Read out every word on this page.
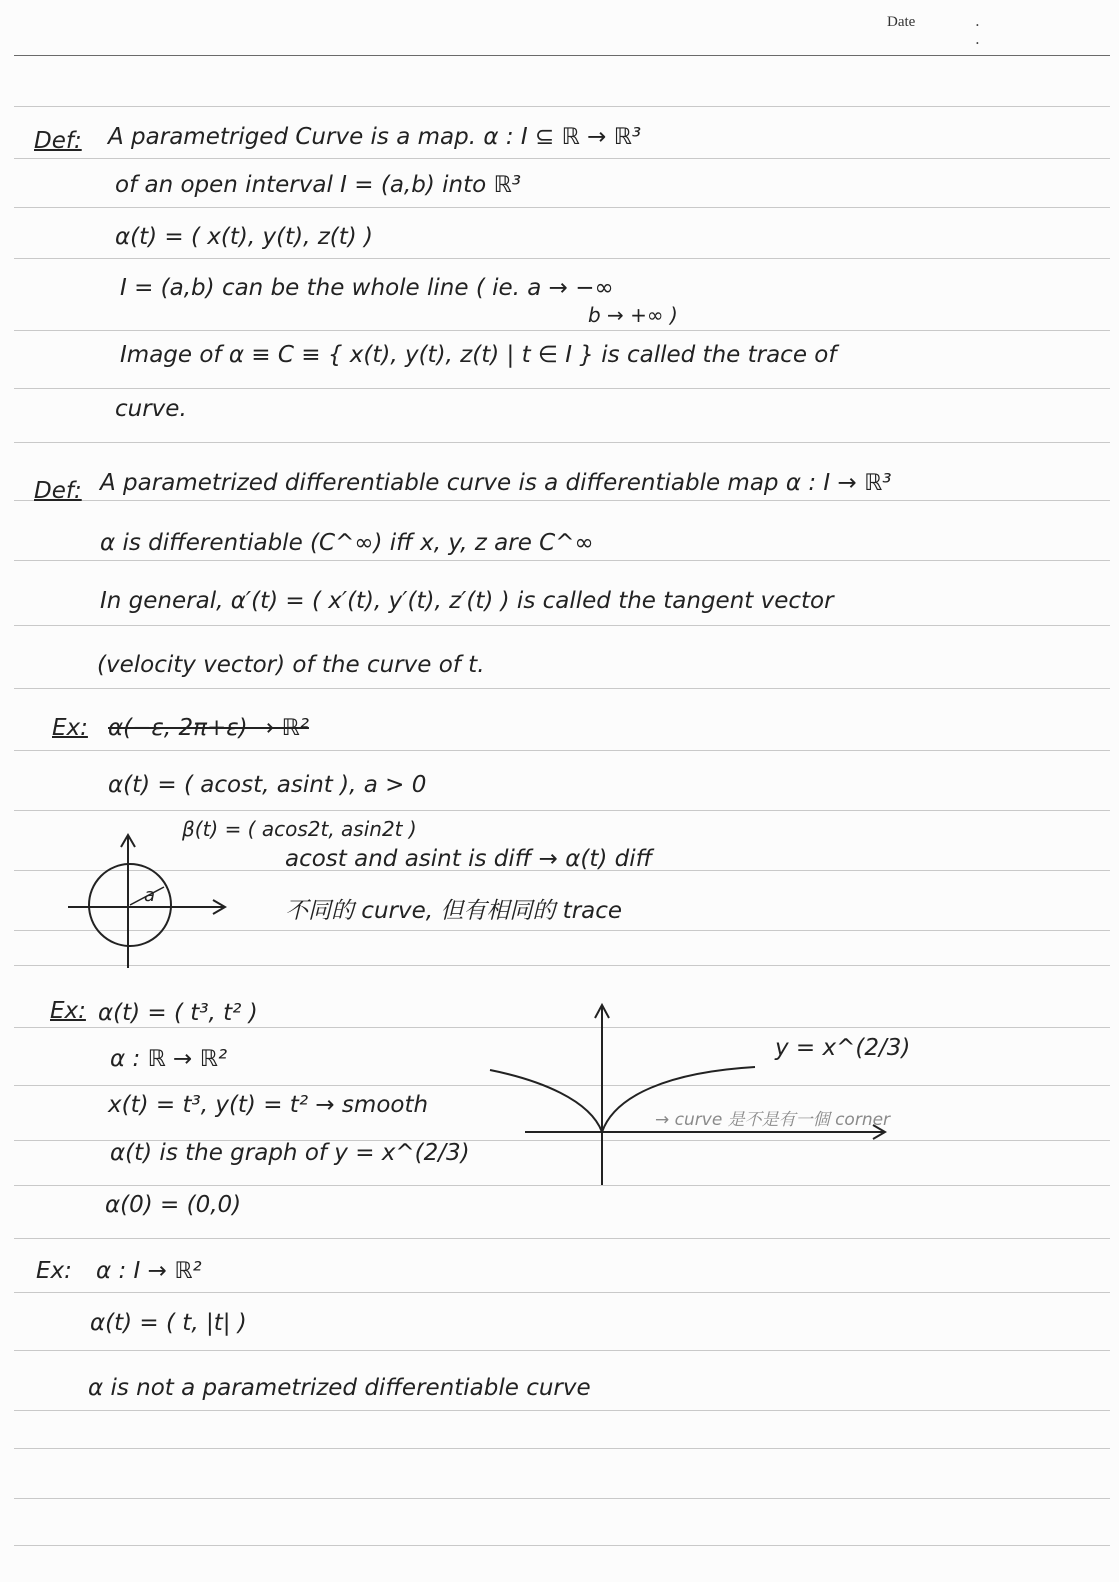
Date	. .
Def: A parametriged Curve is a map. α : I ⊆ ℝ → ℝ³
of an open interval I = (a,b) into ℝ³
α(t) = ( x(t), y(t), z(t) )
I = (a,b) can be the whole line ( ie. a → −∞
b → +∞ )
Image of α ≡ C ≡ { x(t), y(t), z(t) | t ∈ I } is called the trace of
curve.
Def: A parametrized differentiable curve is a differentiable map α : I → ℝ³
α is differentiable (C^∞) iff x, y, z are C^∞
In general, α′(t) = ( x′(t), y′(t), z′(t) ) is called the tangent vector
(velocity vector) of the curve of t.
Ex: α(−ε, 2π+ε) → ℝ²
α(t) = ( acost, asint ), a > 0
β(t) = ( acos2t, asin2t )
acost and asint is diff → α(t) diff
不同的 curve, 但有相同的 trace
a
Ex: α(t) = ( t³, t² )
α : ℝ → ℝ²
x(t) = t³, y(t) = t² → smooth
α(t) is the graph of y = x^(2/3)
α(0) = (0,0)
y = x^(2/3)
→ curve 是不是有一個 corner
Ex: α : I → ℝ²
α(t) = ( t, |t| )
α is not a parametrized differentiable curve
